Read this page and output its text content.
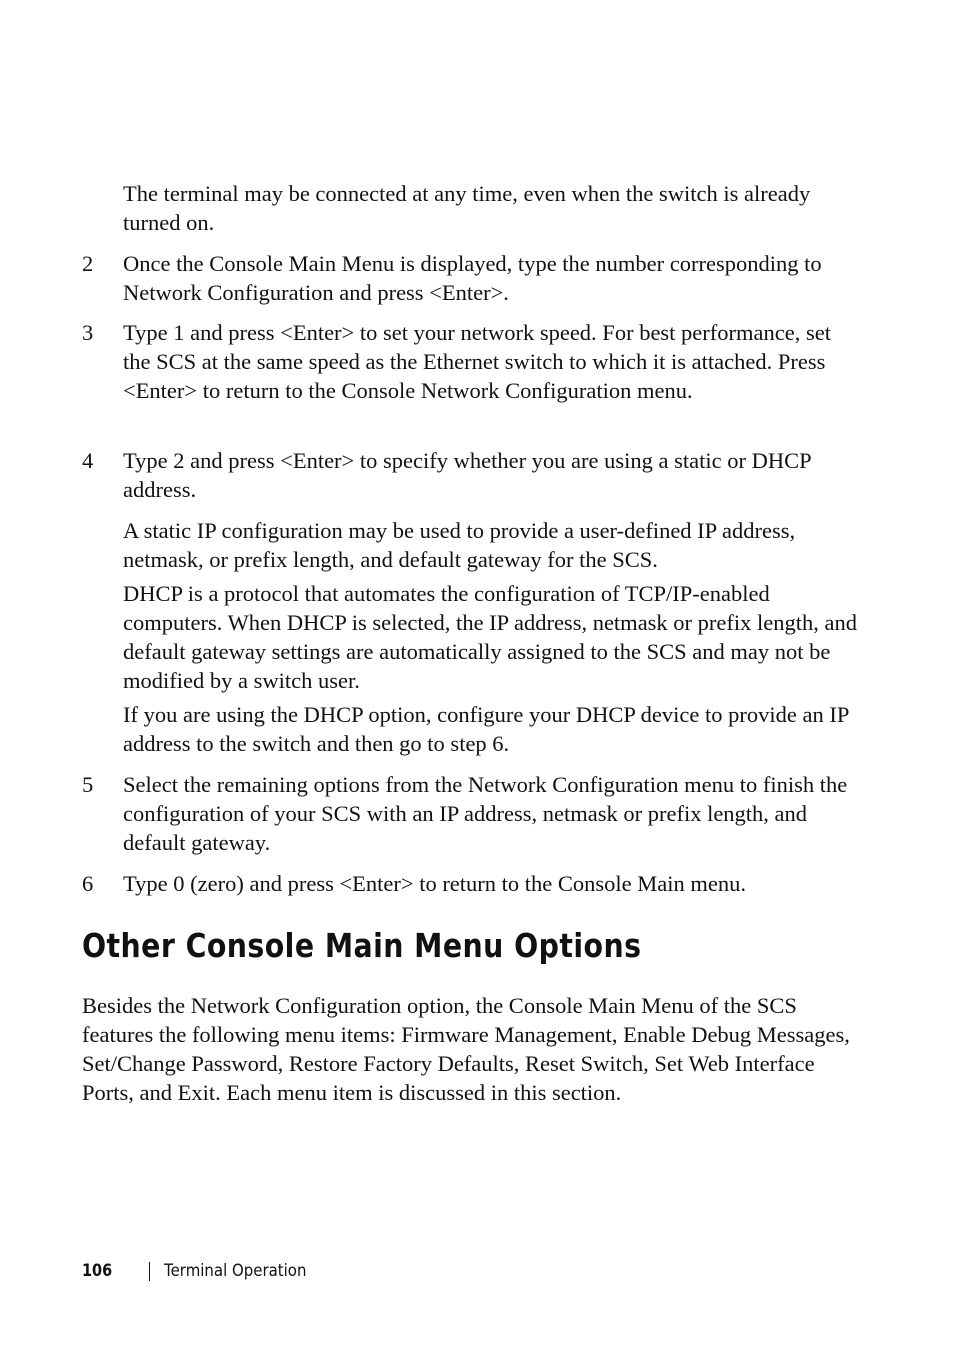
The terminal may be connected at any time, even when the switch is already turned on.

2 Once the Console Main Menu is displayed, type the number corresponding to Network Configuration and press <Enter>.

3 Type 1 and press <Enter> to set your network speed. For best performance, set the SCS at the same speed as the Ethernet switch to which it is attached. Press <Enter> to return to the Console Network Configuration menu.

4 Type 2 and press <Enter> to specify whether you are using a static or DHCP address.

A static IP configuration may be used to provide a user-defined IP address, netmask, or prefix length, and default gateway for the SCS.

DHCP is a protocol that automates the configuration of TCP/IP-enabled computers. When DHCP is selected, the IP address, netmask or prefix length, and default gateway settings are automatically assigned to the SCS and may not be modified by a switch user.

If you are using the DHCP option, configure your DHCP device to provide an IP address to the switch and then go to step 6.

5 Select the remaining options from the Network Configuration menu to finish the configuration of your SCS with an IP address, netmask or prefix length, and default gateway.

6 Type 0 (zero) and press <Enter> to return to the Console Main menu.

Other Console Main Menu Options

Besides the Network Configuration option, the Console Main Menu of the SCS features the following menu items: Firmware Management, Enable Debug Messages, Set/Change Password, Restore Factory Defaults, Reset Switch, Set Web Interface Ports, and Exit. Each menu item is discussed in this section.

106	Terminal Operation
